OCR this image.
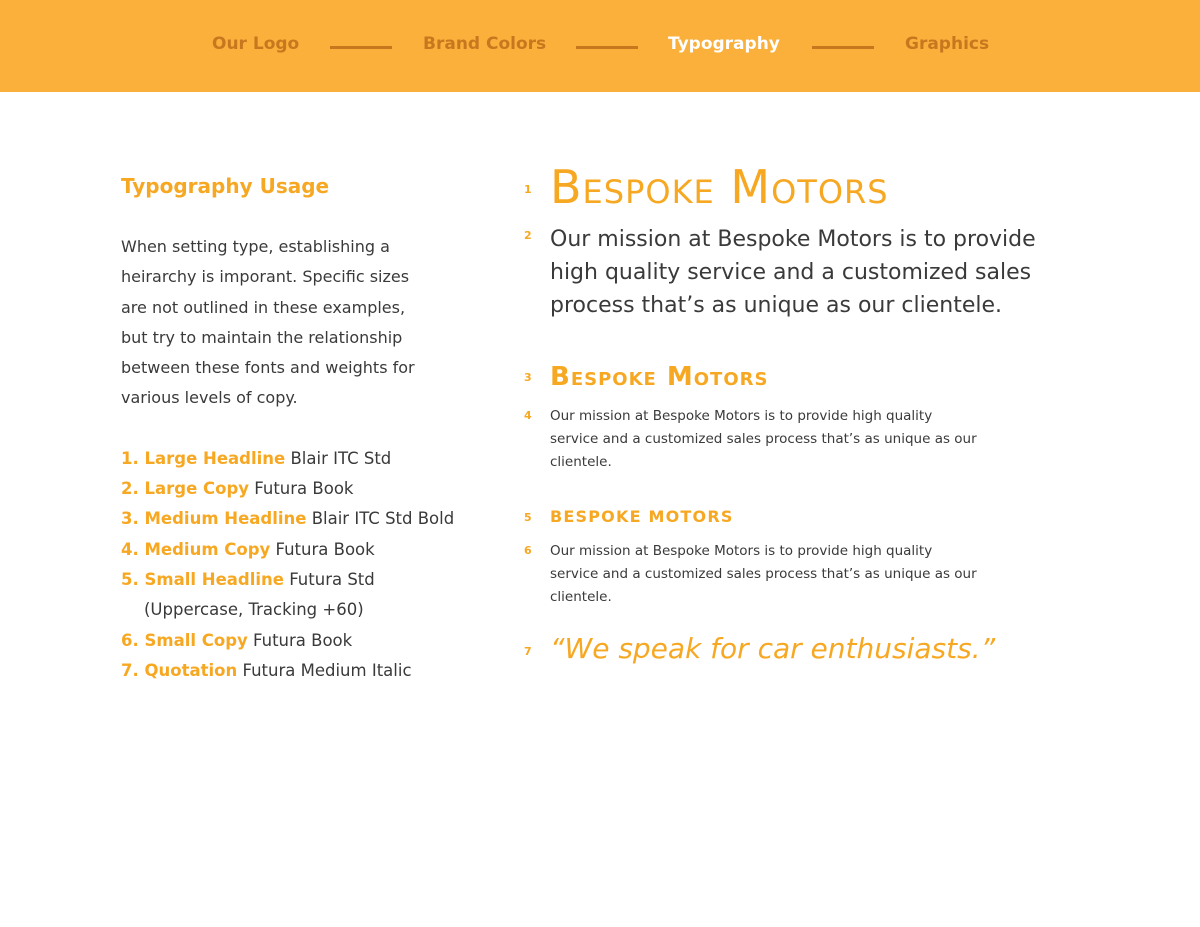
Our Logo	Brand Colors	Typography	Graphics
Typography Usage

When setting type, establishing a heirarchy is imporant. Specific sizes are not outlined in these examples, but try to maintain the relationship between these fonts and weights for various levels of copy.

1. Large Headline Blair ITC Std
2. Large Copy Futura Book
3. Medium Headline Blair ITC Std Bold
4. Medium Copy Futura Book
5. Small Headline Futura Std
(Uppercase, Tracking +60)
6. Small Copy Futura Book
7. Quotation Futura Medium Italic
1 Bespoke Motors
2 Our mission at Bespoke Motors is to provide high quality service and a customized sales process that’s as unique as our clientele.
3 Bespoke Motors
4 Our mission at Bespoke Motors is to provide high quality service and a customized sales process that’s as unique as our clientele.
5 BESPOKE MOTORS
6 Our mission at Bespoke Motors is to provide high quality service and a customized sales process that’s as unique as our clientele.
7 “We speak for car enthusiasts.”
